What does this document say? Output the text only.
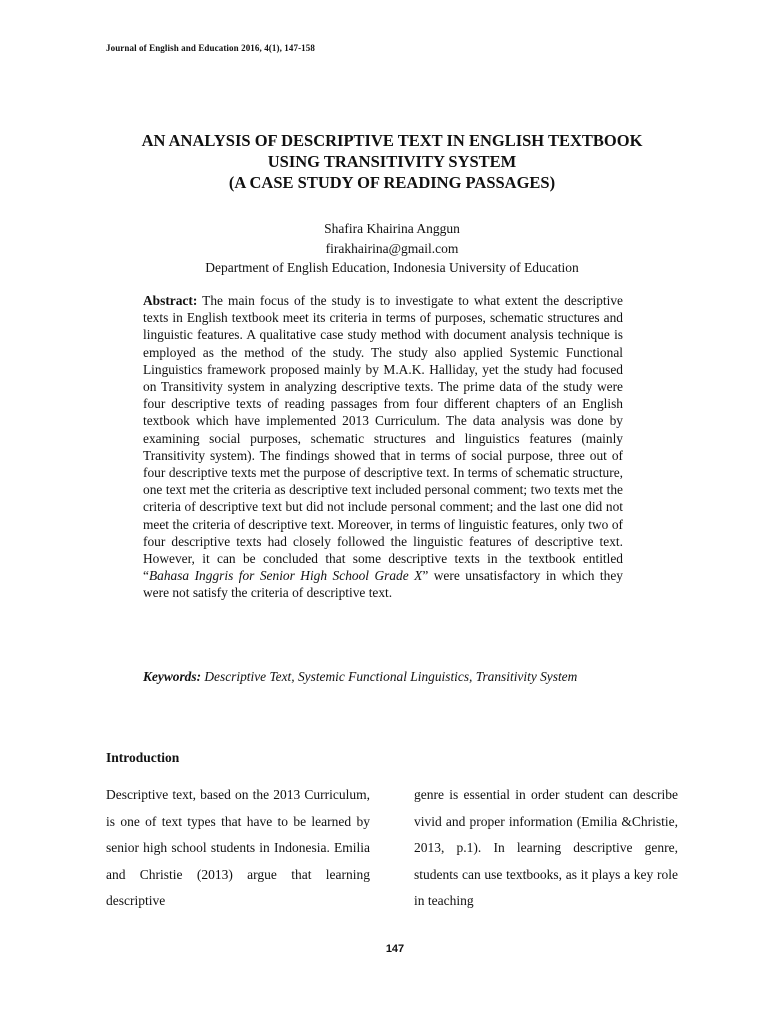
Journal of English and Education 2016, 4(1), 147-158
AN ANALYSIS OF DESCRIPTIVE TEXT IN ENGLISH TEXTBOOK
USING TRANSITIVITY SYSTEM
(A CASE STUDY OF READING PASSAGES)
Shafira Khairina Anggun
firakhairina@gmail.com
Department of English Education, Indonesia University of Education
Abstract: The main focus of the study is to investigate to what extent the descriptive texts in English textbook meet its criteria in terms of purposes, schematic structures and linguistic features. A qualitative case study method with document analysis technique is employed as the method of the study. The study also applied Systemic Functional Linguistics framework proposed mainly by M.A.K. Halliday, yet the study had focused on Transitivity system in analyzing descriptive texts. The prime data of the study were four descriptive texts of reading passages from four different chapters of an English textbook which have implemented 2013 Curriculum. The data analysis was done by examining social purposes, schematic structures and linguistics features (mainly Transitivity system). The findings showed that in terms of social purpose, three out of four descriptive texts met the purpose of descriptive text. In terms of schematic structure, one text met the criteria as descriptive text included personal comment; two texts met the criteria of descriptive text but did not include personal comment; and the last one did not meet the criteria of descriptive text. Moreover, in terms of linguistic features, only two of four descriptive texts had closely followed the linguistic features of descriptive text. However, it can be concluded that some descriptive texts in the textbook entitled “Bahasa Inggris for Senior High School Grade X” were unsatisfactory in which they were not satisfy the criteria of descriptive text.
Keywords: Descriptive Text, Systemic Functional Linguistics, Transitivity System
Introduction
Descriptive text, based on the 2013 Curriculum, is one of text types that have to be learned by senior high school students in Indonesia. Emilia and Christie (2013) argue that learning descriptive
genre is essential in order student can describe vivid and proper information (Emilia &Christie, 2013, p.1). In learning descriptive genre, students can use textbooks, as it plays a key role in teaching
147
